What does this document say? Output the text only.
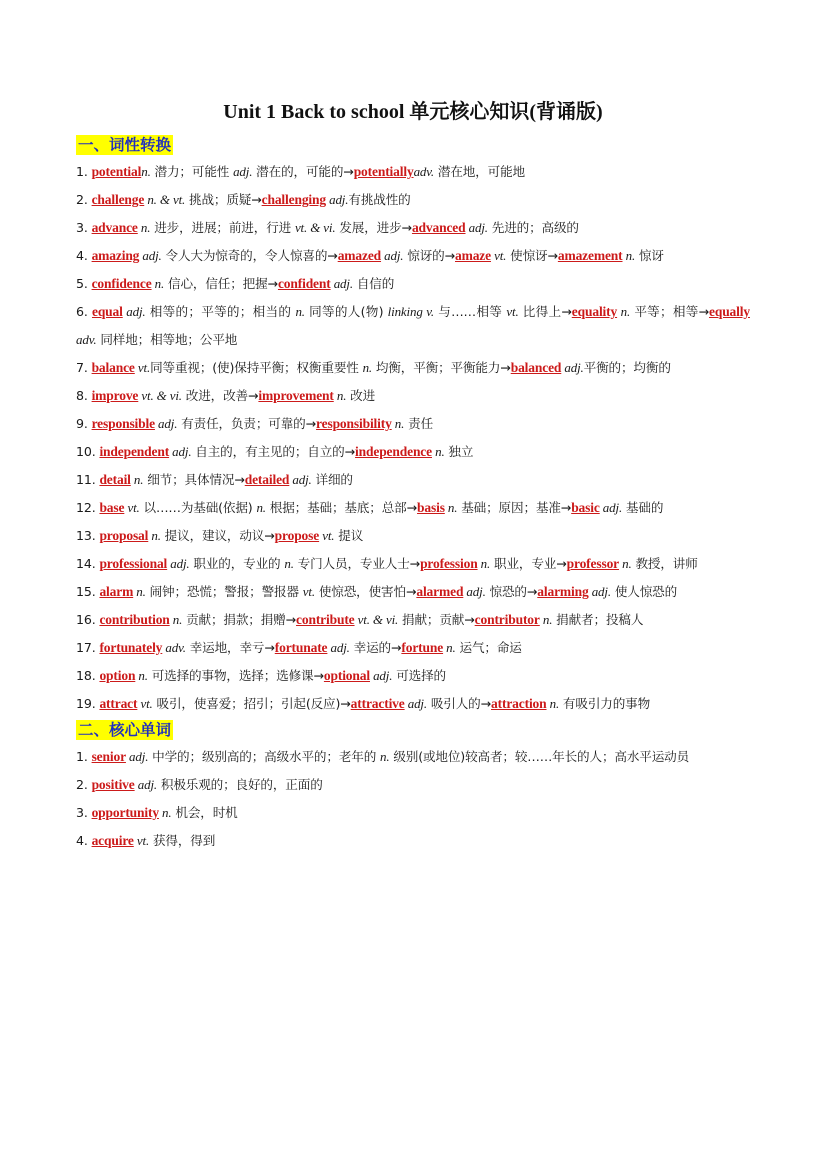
Unit 1 Back to school 单元核心知识(背诵版)
一、词性转换

1. potentialn. 潜力；可能性 adj. 潜在的，可能的→potentiallyadv. 潜在地，可能地

2. challenge n. & vt. 挑战；质疑→challenging adj.有挑战性的

3. advance n. 进步，进展；前进，行进 vt. & vi. 发展，进步→advanced adj. 先进的；高级的

4. amazing adj. 令人大为惊奇的，令人惊喜的→amazed adj. 惊讶的→amaze vt. 使惊讶→amazement n. 惊讶

5. confidence n. 信心，信任；把握→confident adj. 自信的

6. equal adj. 相等的；平等的；相当的 n. 同等的人(物) linking v. 与……相等 vt. 比得上→equality n. 平等；相等→equally adv. 同样地；相等地；公平地

7. balance vt.同等重视；(使)保持平衡；权衡重要性 n. 均衡，平衡；平衡能力→balanced adj.平衡的；均衡的

8. improve vt. & vi. 改进，改善→improvement n. 改进

9. responsible adj. 有责任，负责；可靠的→responsibility n. 责任

10. independent adj. 自主的，有主见的；自立的→independence n. 独立

11. detail n. 细节；具体情况→detailed adj. 详细的

12. base vt. 以……为基础(依据) n. 根据；基础；基底；总部→basis n. 基础；原因；基准→basic adj. 基础的

13. proposal n. 提议，建议，动议→propose vt. 提议

14. professional adj. 职业的，专业的 n. 专门人员，专业人士→profession n. 职业，专业→professor n. 教授，讲师

15. alarm n. 闹钟；恐慌；警报；警报器 vt. 使惊恐，使害怕→alarmed adj. 惊恐的→alarming adj. 使人惊恐的

16. contribution n. 贡献；捐款；捐赠→contribute vt. & vi. 捐献；贡献→contributor n. 捐献者；投稿人

17. fortunately adv. 幸运地，幸亏→fortunate adj. 幸运的→fortune n. 运气；命运

18. option n. 可选择的事物，选择；选修课→optional adj. 可选择的

19. attract vt. 吸引，使喜爱；招引；引起(反应)→attractive adj. 吸引人的→attraction n. 有吸引力的事物

二、核心单词

1. senior adj. 中学的；级别高的；高级水平的；老年的 n. 级别(或地位)较高者；较……年长的人；高水平运动员

2. positive adj. 积极乐观的；良好的，正面的

3. opportunity n. 机会，时机

4. acquire vt. 获得，得到
